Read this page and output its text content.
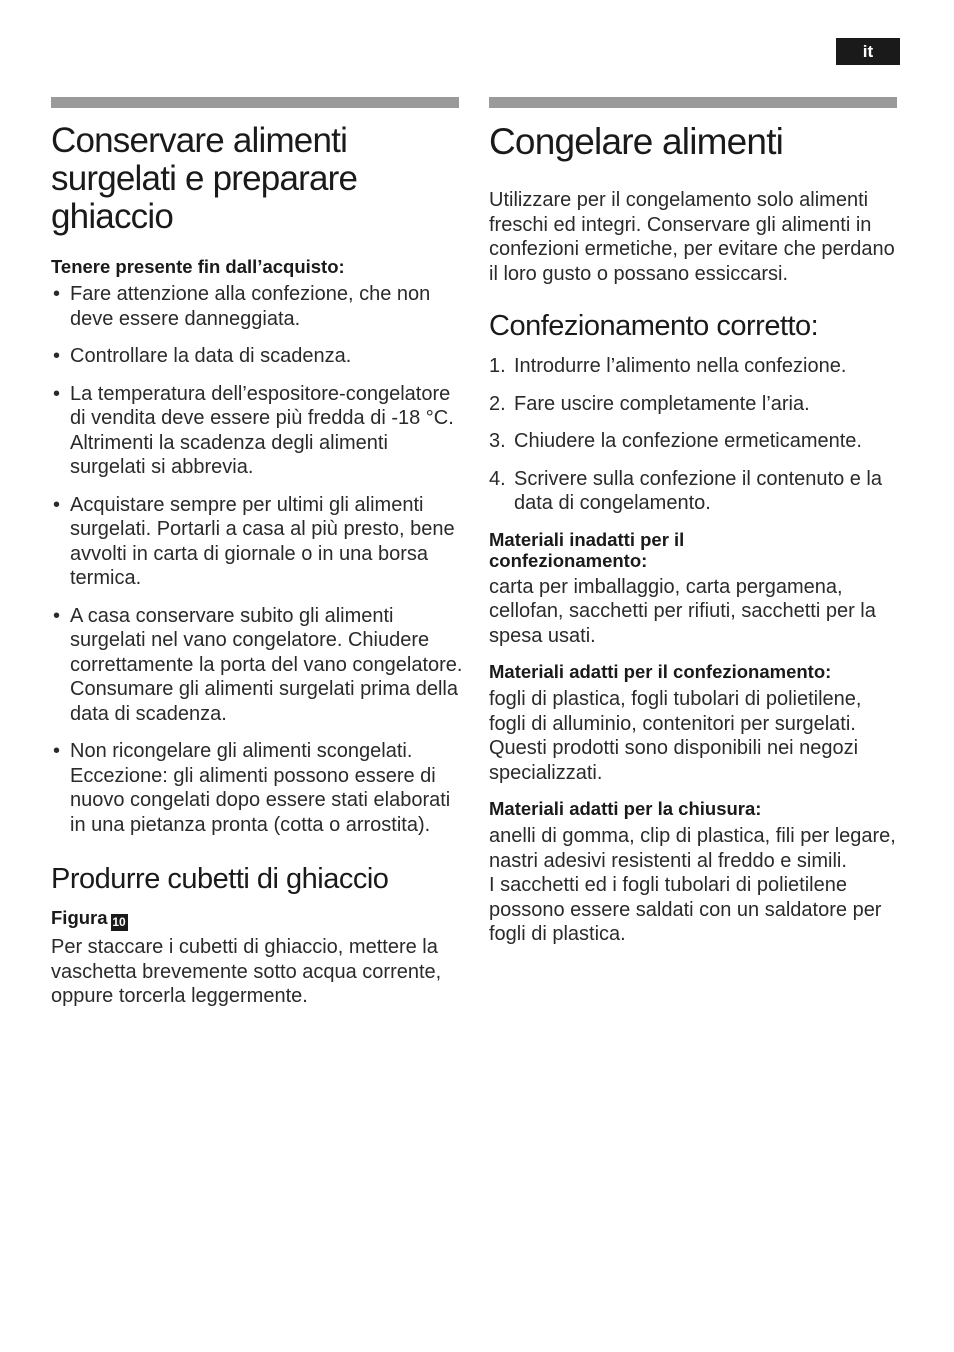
it
Conservare alimenti surgelati e preparare ghiaccio
Tenere presente fin dall’acquisto:
• Fare attenzione alla confezione, che non deve essere danneggiata.
• Controllare la data di scadenza.
• La temperatura dell’espositore-congelatore di vendita deve essere più fredda di -18 °C. Altrimenti la scadenza degli alimenti surgelati si abbrevia.
• Acquistare sempre per ultimi gli alimenti surgelati. Portarli a casa al più presto, bene avvolti in carta di giornale o in una borsa termica.
• A casa conservare subito gli alimenti surgelati nel vano congelatore. Chiudere correttamente la porta del vano congelatore. Consumare gli alimenti surgelati prima della data di scadenza.
• Non ricongelare gli alimenti scongelati. Eccezione: gli alimenti possono essere di nuovo congelati dopo essere stati elaborati in una pietanza pronta (cotta o arrostita).
Produrre cubetti di ghiaccio
Figura 10

Per staccare i cubetti di ghiaccio, mettere la vaschetta brevemente sotto acqua corrente, oppure torcerla leggermente.

Congelare alimenti

Utilizzare per il congelamento solo alimenti freschi ed integri. Conservare gli alimenti in confezioni ermetiche, per evitare che perdano il loro gusto o possano essiccarsi.

Confezionamento corretto:
1. Introdurre l’alimento nella confezione.
2. Fare uscire completamente l’aria.
3. Chiudere la confezione ermeticamente.
4. Scrivere sulla confezione il contenuto e la data di congelamento.
Materiali inadatti per il confezionamento:

carta per imballaggio, carta pergamena, cellofan, sacchetti per rifiuti, sacchetti per la spesa usati.

Materiali adatti per il confezionamento:

fogli di plastica, fogli tubolari di polietilene, fogli di alluminio, contenitori per surgelati. Questi prodotti sono disponibili nei negozi specializzati.

Materiali adatti per la chiusura:

anelli di gomma, clip di plastica, fili per legare, nastri adesivi resistenti al freddo e simili.

I sacchetti ed i fogli tubolari di polietilene possono essere saldati con un saldatore per fogli di plastica.
